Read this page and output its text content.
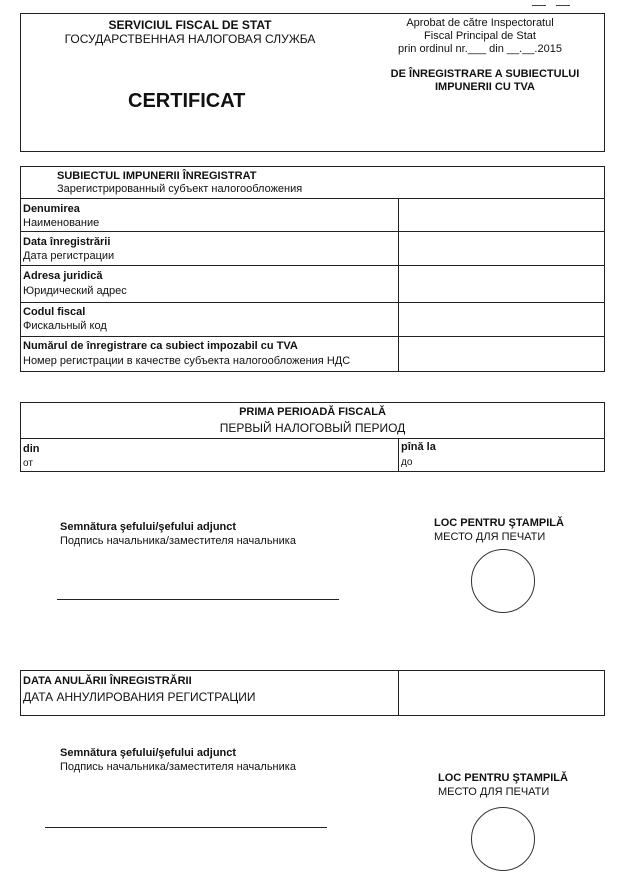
SERVICIUL FISCAL DE STAT
ГОСУДАРСТВЕННАЯ НАЛОГОВАЯ СЛУЖБА
Aprobat de către Inspectoratul
Fiscal Principal de Stat
prin ordinul nr.___ din __.__.2015
CERTIFICAT
DE ÎNREGISTRARE A SUBIECTULUI
IMPUNERII CU TVA
SUBIECTUL IMPUNERII ÎNREGISTRAT
Зарегистрированный субъект налогообложения
Denumirea
Наименование
Data înregistrării
Дата регистрации
Adresa juridică
Юридический адрес
Codul fiscal
Фискальный код
Numărul de înregistrare ca subiect impozabil cu TVA
Номер регистрации в качестве субъекта налогообложения НДС
PRIMA PERIOADĂ FISCALĂ
ПЕРВЫЙ НАЛОГОВЫЙ ПЕРИОД
din
от
pînă la
до
Semnătura şefului/şefului adjunct
Подпись начальника/заместителя начальника
LOC PENTRU ŞTAMPILĂ
МЕСТО ДЛЯ ПЕЧАТИ
DATA ANULĂRII ÎNREGISTRĂRII
ДАТА АННУЛИРОВАНИЯ РЕГИСТРАЦИИ
Semnătura şefului/şefului adjunct
Подпись начальника/заместителя начальника
LOC PENTRU ŞTAMPILĂ
МЕСТО ДЛЯ ПЕЧАТИ
